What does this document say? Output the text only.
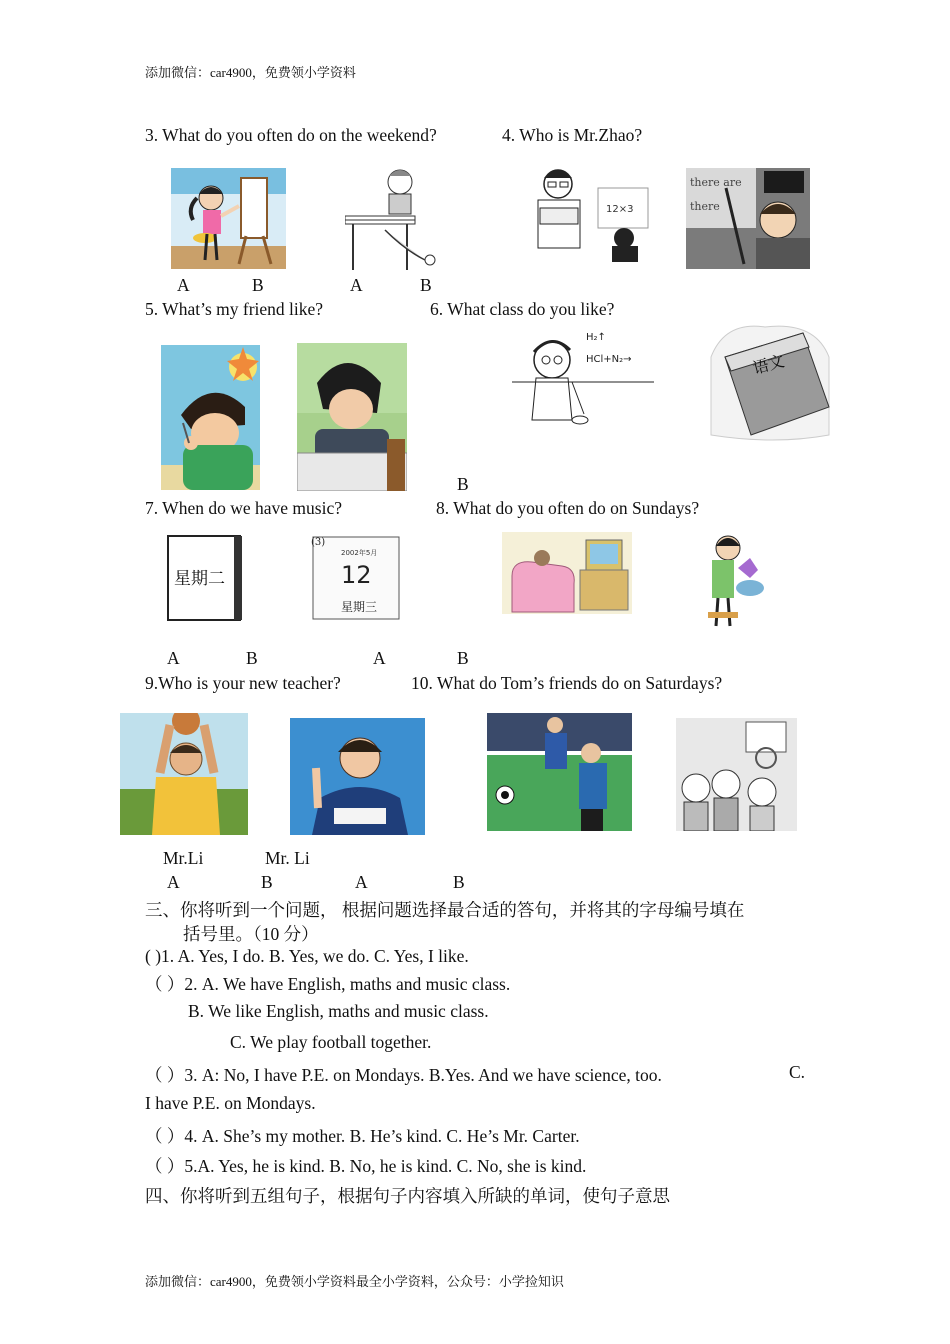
添加微信：car4900，免费领小学资料
3. What do you often do on the weekend?	4. Who is Mr.Zhao?
12×3
there are
there
A	B	A	B
5. What’s my friend like?	6. What class do you like?
H₂↑
HCl+N₂→	语文
B
7. When do we have music?	8. What do you often do on Sundays?
星期二
(3)
2002年5月
12
星期三
A	B	A	B
9.Who is your new teacher?	10. What do Tom’s friends do on Saturdays?
Mr.Li	Mr. Li
A	B	A	B
三、你将听到一个问题， 根据问题选择最合适的答句，并将其的字母编号填在
括号里。（10 分）
( )1. A. Yes, I do. B. Yes, we do. C. Yes, I like.
（ ）2. A. We have English, maths and music class.
B. We like English, maths and music class.
C. We play football together.
（ ）3. A: No, I have P.E. on Mondays. B.Yes. And we have science, too.	C.
I have P.E. on Mondays.
（ ）4. A. She’s my mother. B. He’s kind. C. He’s Mr. Carter.
（ ）5.A. Yes, he is kind. B. No, he is kind. C. No, she is kind.
四、你将听到五组句子，根据句子内容填入所缺的单词，使句子意思
添加微信：car4900，免费领小学资料最全小学资料，公众号：小学捡知识
